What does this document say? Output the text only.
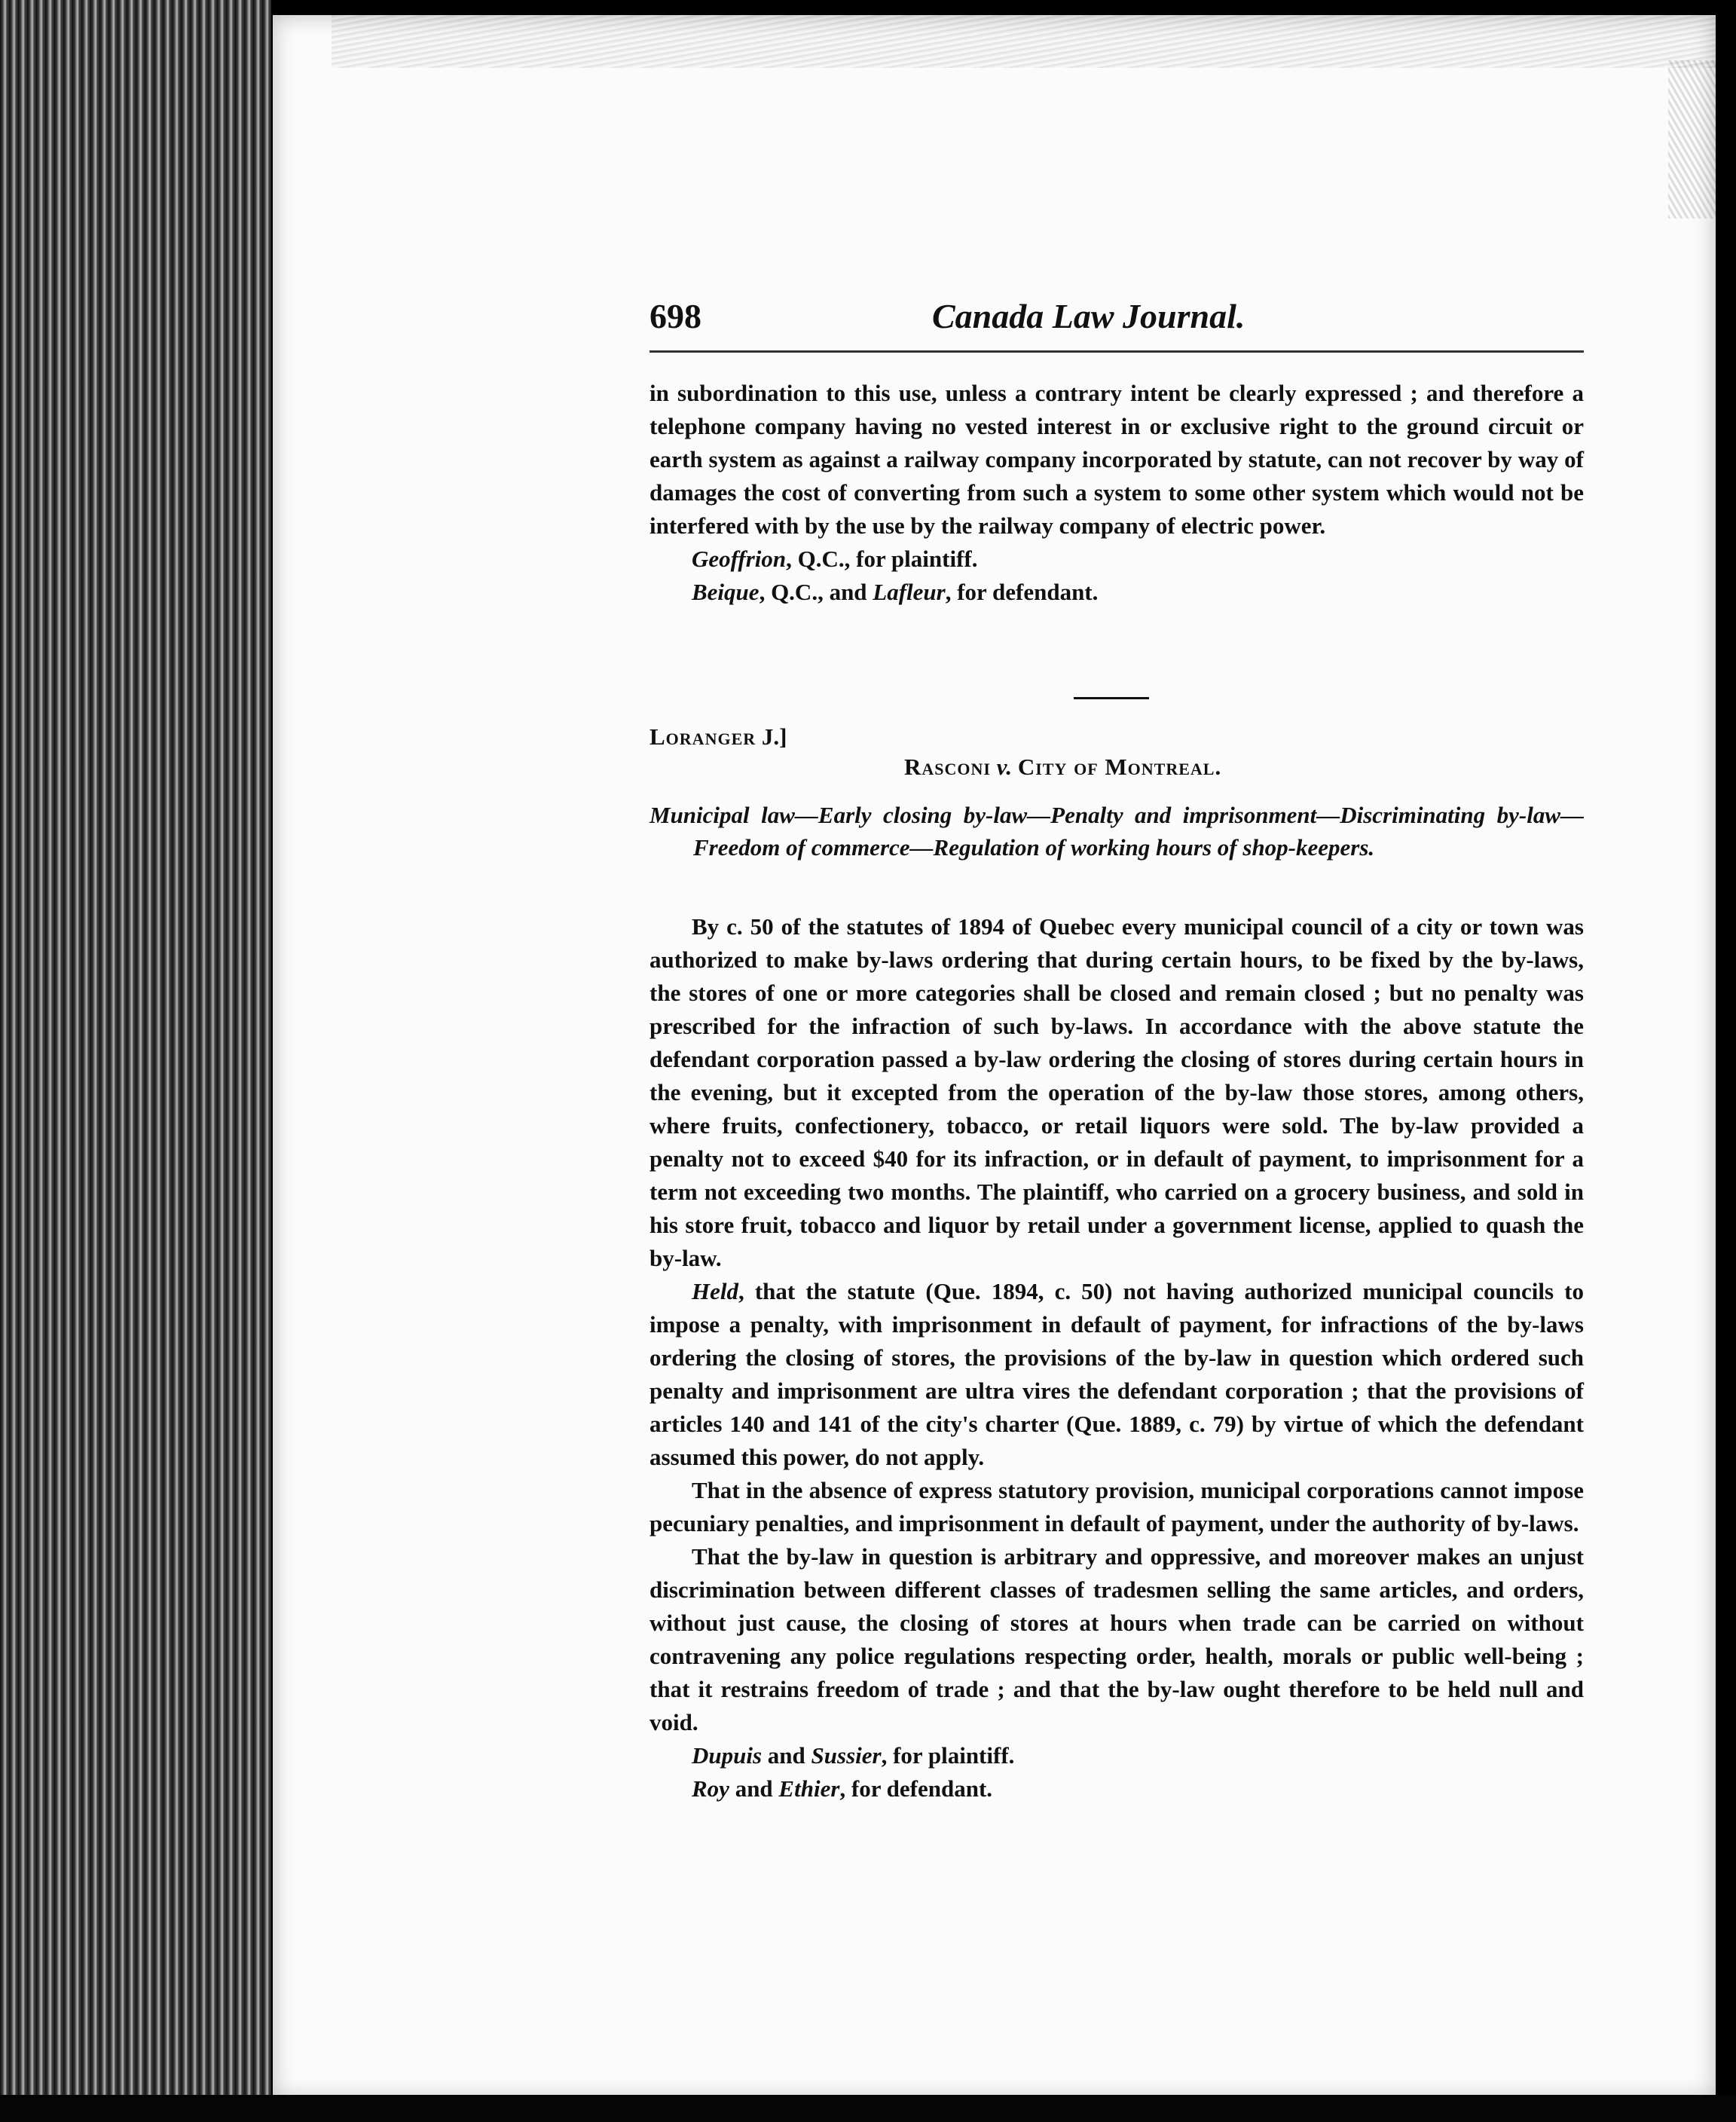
698	Canada Law Journal.

in subordination to this use, unless a contrary intent be clearly expressed ; and therefore a telephone company having no vested interest in or exclusive right to the ground circuit or earth system as against a railway company incorporated by statute, can not recover by way of damages the cost of converting from such a system to some other system which would not be interfered with by the use by the railway company of electric power.

Geoffrion, Q.C., for plaintiff.

Beique, Q.C., and Lafleur, for defendant.

Loranger J.]
Rasconi v. City of Montreal.
Municipal law—Early closing by-law—Penalty and imprisonment—Discriminating by-law—Freedom of commerce—Regulation of working hours of shop-keepers.

By c. 50 of the statutes of 1894 of Quebec every municipal council of a city or town was authorized to make by-laws ordering that during certain hours, to be fixed by the by-laws, the stores of one or more categories shall be closed and remain closed ; but no penalty was prescribed for the infraction of such by-laws. In accordance with the above statute the defendant corporation passed a by-law ordering the closing of stores during certain hours in the evening, but it excepted from the operation of the by-law those stores, among others, where fruits, confectionery, tobacco, or retail liquors were sold. The by-law provided a penalty not to exceed $40 for its infraction, or in default of payment, to imprisonment for a term not exceeding two months. The plaintiff, who carried on a grocery business, and sold in his store fruit, tobacco and liquor by retail under a government license, applied to quash the by-law.

Held, that the statute (Que. 1894, c. 50) not having authorized municipal councils to impose a penalty, with imprisonment in default of payment, for infractions of the by-laws ordering the closing of stores, the provisions of the by-law in question which ordered such penalty and imprisonment are ultra vires the defendant corporation ; that the provisions of articles 140 and 141 of the city's charter (Que. 1889, c. 79) by virtue of which the defendant assumed this power, do not apply.

That in the absence of express statutory provision, municipal corporations cannot impose pecuniary penalties, and imprisonment in default of payment, under the authority of by-laws.

That the by-law in question is arbitrary and oppressive, and moreover makes an unjust discrimination between different classes of tradesmen selling the same articles, and orders, without just cause, the closing of stores at hours when trade can be carried on without contravening any police regulations respecting order, health, morals or public well-being ; that it restrains freedom of trade ; and that the by-law ought therefore to be held null and void.

Dupuis and Sussier, for plaintiff.

Roy and Ethier, for defendant.
